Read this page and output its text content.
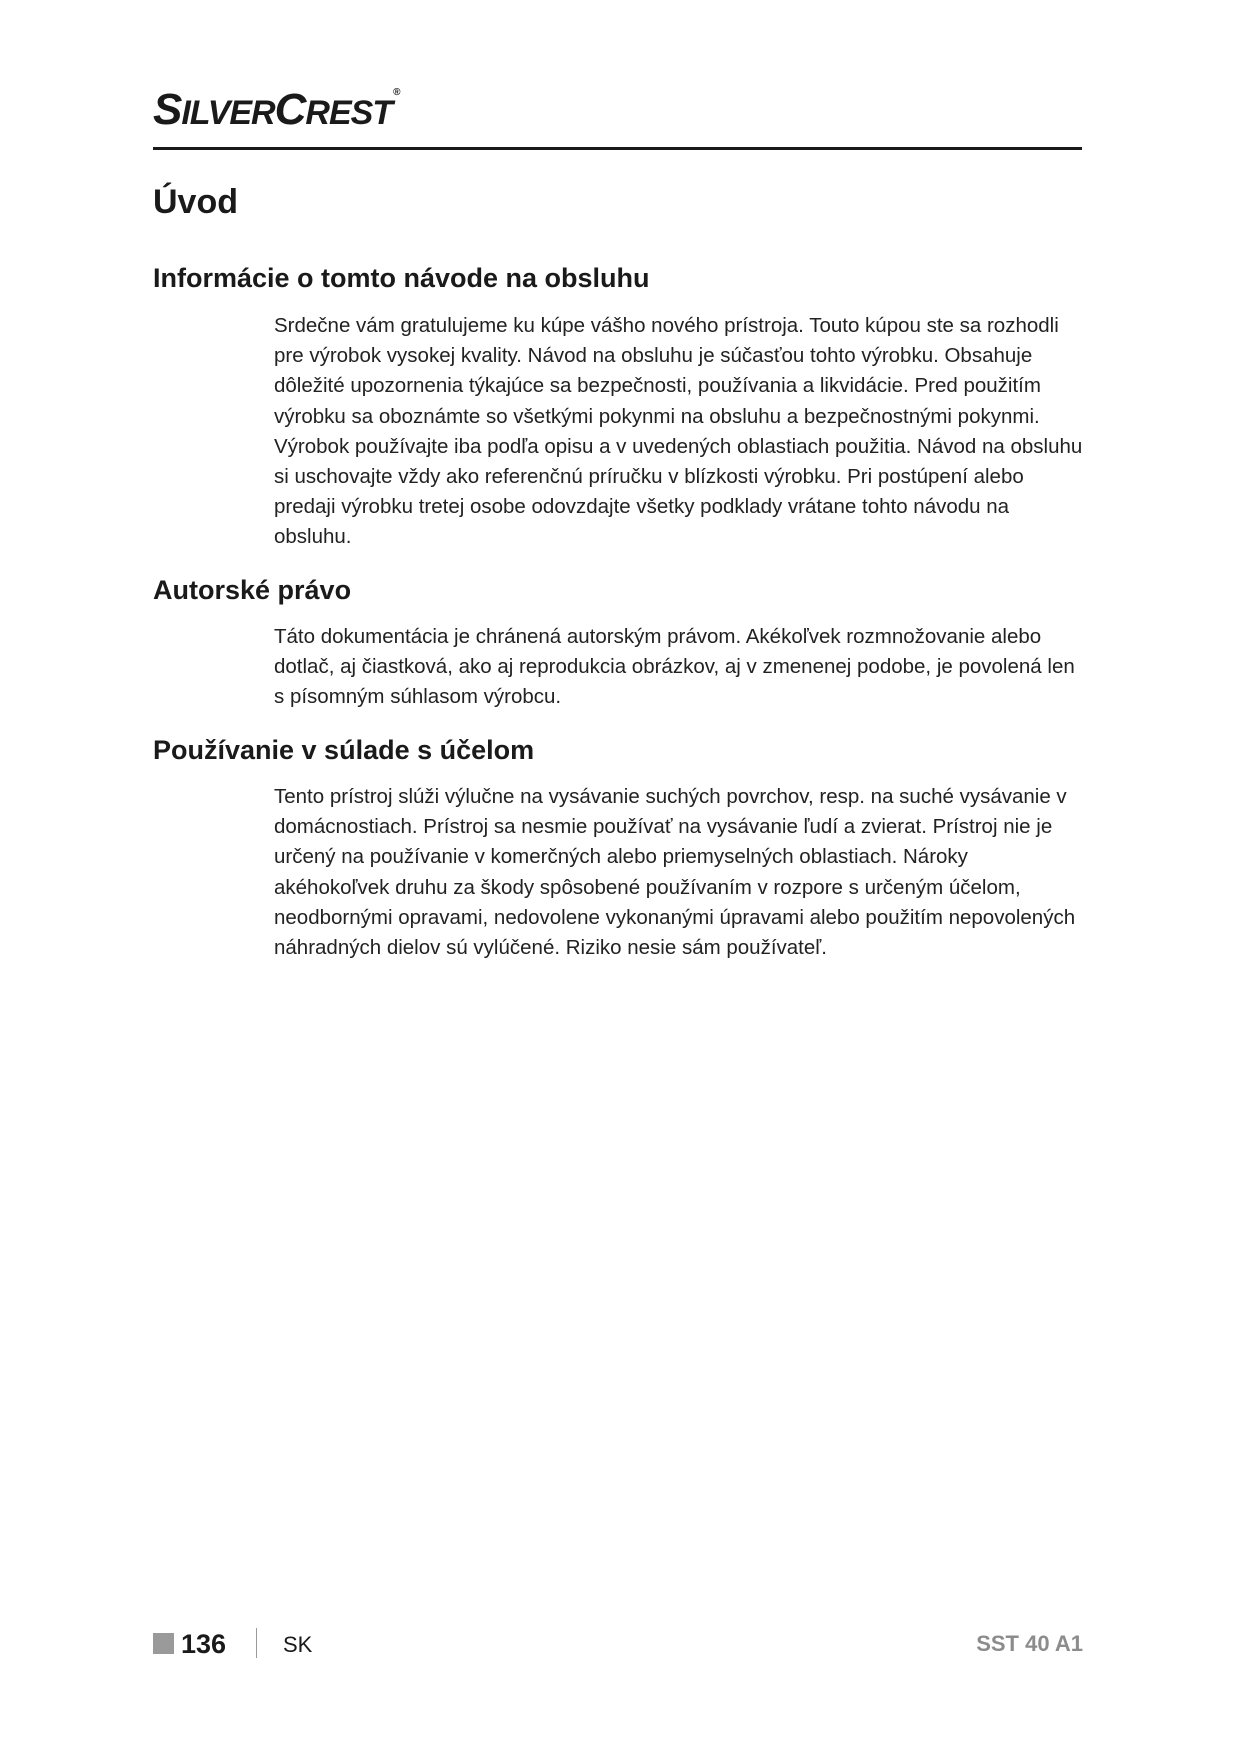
SILVERCREST®
Úvod
Informácie o tomto návode na obsluhu

Srdečne vám gratulujeme ku kúpe vášho nového prístroja. Touto kúpou ste sa rozhodli pre výrobok vysokej kvality. Návod na obsluhu je súčasťou tohto výrobku. Obsahuje dôležité upozornenia týkajúce sa bezpečnosti, používania a likvidácie. Pred použitím výrobku sa oboznámte so všetkými pokynmi na obsluhu a bezpečnostnými pokynmi. Výrobok používajte iba podľa opisu a v uvedených oblastiach použitia. Návod na obsluhu si uschovajte vždy ako referenčnú príručku v blízkosti výrobku. Pri postúpení alebo predaji výrobku tretej osobe odovzdajte všetky podklady vrátane tohto návodu na obsluhu.

Autorské právo

Táto dokumentácia je chránená autorským právom. Akékoľvek rozmnožovanie alebo dotlač, aj čiastková, ako aj reprodukcia obrázkov, aj v zmenenej podobe, je povolená len s písomným súhlasom výrobcu.

Používanie v súlade s účelom

Tento prístroj slúži výlučne na vysávanie suchých povrchov, resp. na suché vysávanie v domácnostiach. Prístroj sa nesmie používať na vysávanie ľudí a zvierat. Prístroj nie je určený na používanie v komerčných alebo priemyselných oblastiach. Nároky akéhokoľvek druhu za škody spôsobené používaním v rozpore s určeným účelom, neodbornými opravami, nedovolene vykonanými úpravami alebo použitím nepovolených náhradných dielov sú vylúčené. Riziko nesie sám používateľ.

136	SK	SST 40 A1
